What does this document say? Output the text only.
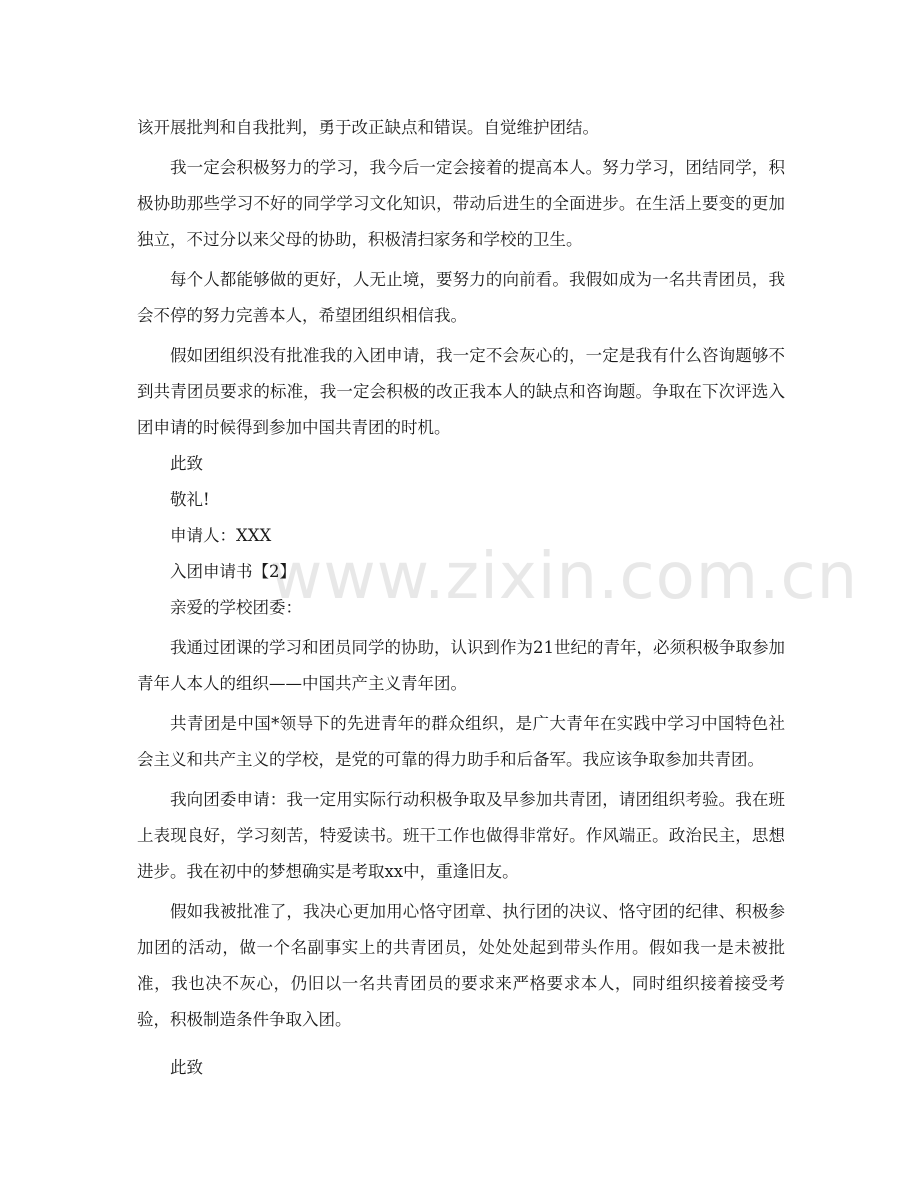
www.zixin.com.cn

该开展批判和自我批判，勇于改正缺点和错误。自觉维护团结。

我一定会积极努力的学习，我今后一定会接着的提高本人。努力学习，团结同学，积极协助那些学习不好的同学学习文化知识，带动后进生的全面进步。在生活上要变的更加独立，不过分以来父母的协助，积极清扫家务和学校的卫生。

每个人都能够做的更好，人无止境，要努力的向前看。我假如成为一名共青团员，我会不停的努力完善本人，希望团组织相信我。

假如团组织没有批准我的入团申请，我一定不会灰心的，一定是我有什么咨询题够不到共青团员要求的标准，我一定会积极的改正我本人的缺点和咨询题。争取在下次评选入团申请的时候得到参加中国共青团的时机。

此致

敬礼!

申请人：XXX

入团申请书【2】

亲爱的学校团委：

我通过团课的学习和团员同学的协助，认识到作为21世纪的青年，必须积极争取参加青年人本人的组织——中国共产主义青年团。

共青团是中国*领导下的先进青年的群众组织，是广大青年在实践中学习中国特色社会主义和共产主义的学校，是党的可靠的得力助手和后备军。我应该争取参加共青团。

我向团委申请：我一定用实际行动积极争取及早参加共青团，请团组织考验。我在班上表现良好，学习刻苦，特爱读书。班干工作也做得非常好。作风端正。政治民主，思想进步。我在初中的梦想确实是考取xx中，重逢旧友。

假如我被批准了，我决心更加用心恪守团章、执行团的决议、恪守团的纪律、积极参加团的活动，做一个名副事实上的共青团员，处处处起到带头作用。假如我一是未被批准，我也决不灰心，仍旧以一名共青团员的要求来严格要求本人，同时组织接着接受考验，积极制造条件争取入团。

此致
